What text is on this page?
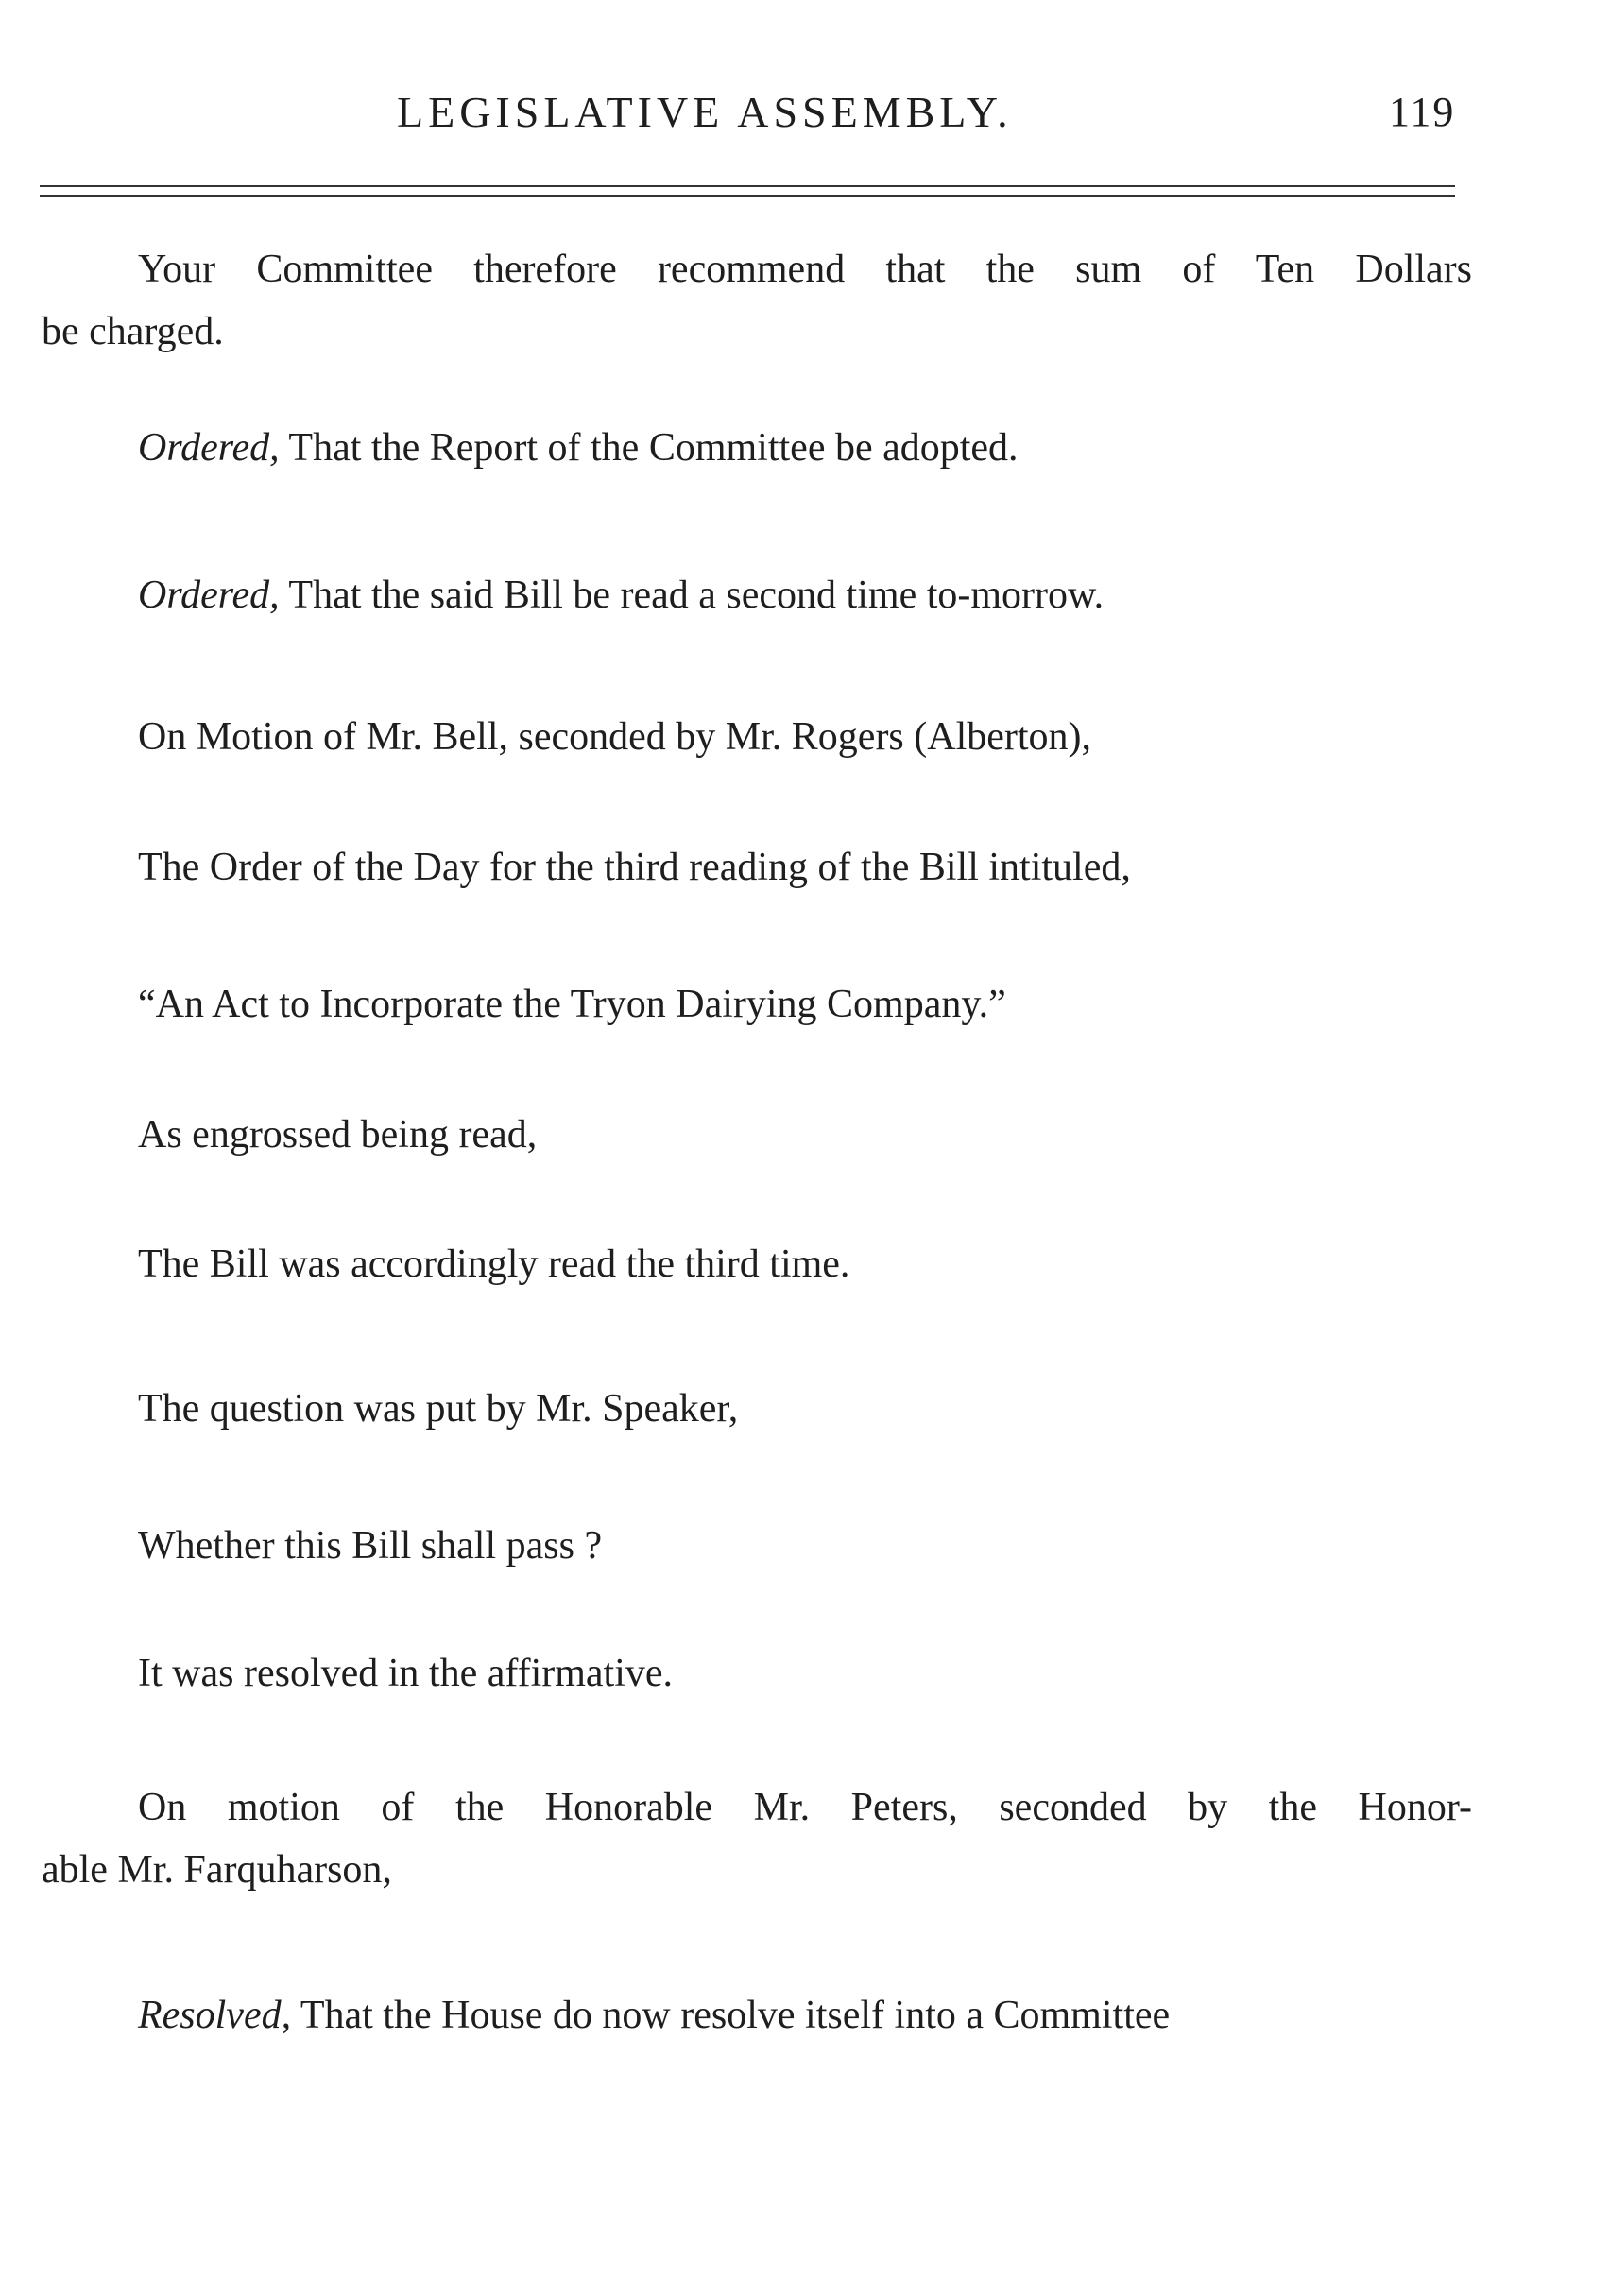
LEGISLATIVE ASSEMBLY.	119

Your Committee therefore recommend that the sum of Ten Dollars
be charged.

Ordered, That the Report of the Committee be adopted.

Ordered, That the said Bill be read a second time to-morrow.

On Motion of Mr. Bell, seconded by Mr. Rogers (Alberton),

The Order of the Day for the third reading of the Bill intituled,

“An Act to Incorporate the Tryon Dairying Company.”

As engrossed being read,

The Bill was accordingly read the third time.

The question was put by Mr. Speaker,

Whether this Bill shall pass ?

It was resolved in the affirmative.

On motion of the Honorable Mr. Peters, seconded by the Honor-
able Mr. Farquharson,

Resolved, That the House do now resolve itself into a Committee
